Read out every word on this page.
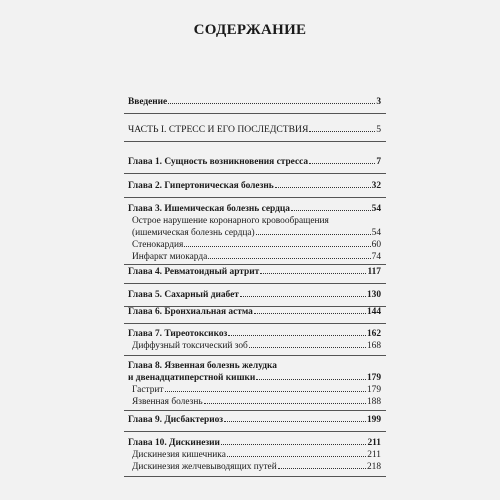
СОДЕРЖАНИЕ
Введение	3
ЧАСТЬ I. СТРЕСС И ЕГО ПОСЛЕДСТВИЯ	5
Глава 1. Сущность возникновения стресса	7
Глава 2. Гипертоническая болезнь	32
Глава 3. Ишемическая болезнь сердца	54
Острое нарушение коронарного кровообращения
(ишемическая болезнь сердца)	54
Стенокардия	60
Инфаркт миокарда	74
Глава 4. Ревматоидный артрит	117
Глава 5. Сахарный диабет	130
Глава 6. Бронхиальная астма	144
Глава 7. Тиреотоксикоз	162
Диффузный токсический зоб	168
Глава 8. Язвенная болезнь желудка
и двенадцатиперстной кишки	179
Гастрит	179
Язвенная болезнь	188
Глава 9. Дисбактериоз	199
Глава 10. Дискинезии	211
Дискинезия кишечника	211
Дискинезия желчевыводящих путей	218
